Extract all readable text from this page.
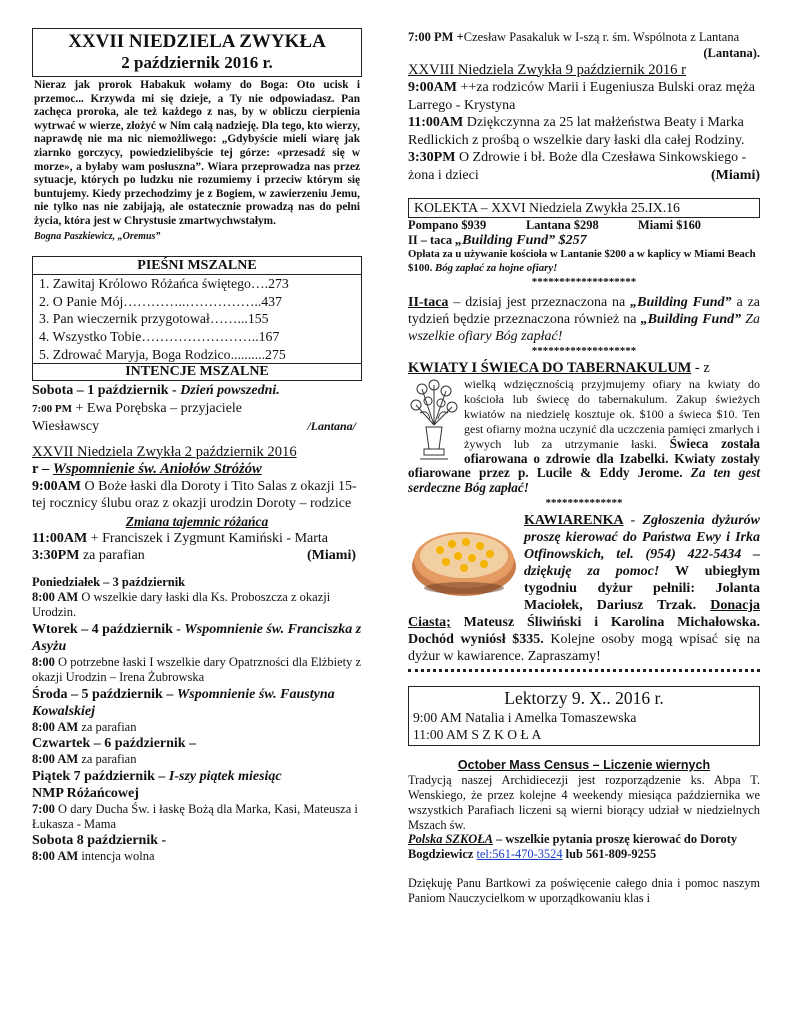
XXVII NIEDZIELA ZWYKŁA
2 październik 2016 r.
Nieraz jak prorok Habakuk wołamy do Boga: Oto ucisk i przemoc... Krzywda mi się dzieje, a Ty nie odpowiadasz. Pan zachęca proroka, ale też każdego z nas, by w obliczu cierpienia wytrwać w wierze, złożyć w Nim całą nadzieję. Dla tego, kto wierzy, naprawdę nie ma nic niemożliwego: „Gdybyście mieli wiarę jak ziarnko gorczycy, powiedzielibyście tej górze: «przesadź się w morze», a byłaby wam posłuszna”. Wiara przeprowadza nas przez sytuacje, których po ludzku nie rozumiemy i przeciw którym się buntujemy. Kiedy przechodzimy je z Bogiem, w zawierzeniu Jemu, nie tylko nas nie zabijają, ale ostatecznie prowadzą nas do pełni życia, która jest w Chrystusie zmartwychwstałym.
Bogna Paszkiewicz, „Oremus”
PIEŚNI MSZALNE
1. Zawitaj Królowo Różańca świętego….273
2. O Panie Mój…………..……………..437
3. Pan wieczernik przygotował……...155
4. Wszystko Tobie……………………..167
5. Zdrować Maryja, Boga Rodzico..........275
INTENCJE MSZALNE
Sobota – 1 październik - Dzień powszedni.
7:00 PM + Ewa Porębska – przyjaciele
Wiesławscy	/Lantana/
XXVII Niedziela Zwykła 2 październik 2016
r – Wspomnienie św. Aniołów Stróżów
9:00AM O Boże łaski dla Doroty i Tito Salas z okazji 15-tej rocznicy ślubu oraz z okazji urodzin Doroty – rodzice
Zmiana tajemnic różańca
11:00AM + Franciszek i Zygmunt Kamiński - Marta
3:30PM za parafian	(Miami)
Poniedziałek – 3 październik
8:00 AM O wszelkie dary łaski dla Ks. Proboszcza z okazji Urodzin.
Wtorek – 4 październik - Wspomnienie św. Franciszka z Asyżu
8:00 O potrzebne łaski I wszelkie dary Opatrzności dla Elżbiety z okazji Urodzin – Irena Żubrowska
Środa – 5 październik – Wspomnienie św. Faustyna Kowalskiej
8:00 AM za parafian
Czwartek – 6 październik –
8:00 AM za parafian
Piątek 7 październik – I-szy piątek miesiąc
NMP Różańcowej
7:00 O dary Ducha Św. i łaskę Bożą dla Marka, Kasi, Mateusza i Łukasza - Mama
Sobota 8 październik -
8:00 AM intencja wolna
7:00 PM +Czesław Pasakaluk w I-szą r. śm. Wspólnota z Lantana
(Lantana).
XXVIII Niedziela Zwykła 9 październik 2016 r
9:00AM ++za rodziców Marii i Eugeniusza Bulski oraz męża Larrego - Krystyna
11:00AM Dziękczynna za 25 lat małżeństwa Beaty i Marka Redlickich z prośbą o wszelkie dary łaski dla całej Rodziny.
3:30PM O Zdrowie i bł. Boże dla Czesława Sinkowskiego - żona i dzieci	(Miami)
KOLEKTA – XXVI Niedziela Zwykła 25.IX.16
Pompano $939	Lantana $298	Miami $160
II – taca „Building Fund” $257
Opłata za u używanie kościoła w Lantanie $200 a w kaplicy w Miami Beach $100. Bóg zapłać za hojne ofiary!
*******************
II-taca – dzisiaj jest przeznaczona na „Building Fund” a za tydzień będzie przeznaczona również na „Building Fund” Za wszelkie ofiary Bóg zapłać!
*******************
KWIATY I ŚWIECA DO TABERNAKULUM - z
wielką wdzięcznością przyjmujemy ofiary na kwiaty do kościoła lub świecę do tabernakulum. Zakup świeżych kwiatów na niedzielę kosztuje ok. $100 a świeca $10. Ten gest ofiarny można uczynić dla uczczenia pamięci zmarłych i żywych lub za utrzymanie łaski. Świeca została ofiarowana o zdrowie dla Izabelki. Kwiaty zostały ofiarowane przez p. Lucile & Eddy Jerome. Za ten gest serdeczne Bóg zapłać!
**************
KAWIARENKA - Zgłoszenia dyżurów proszę kierować do Państwa Ewy i Irka Otfinowskich, tel. (954) 422-5434 – dziękuję za pomoc! W ubiegłym tygodniu dyżur pełnili: Jolanta Maciołek, Dariusz Trzak. Donacja Ciasta; Mateusz Śliwiński i Karolina Michałowska. Dochód wyniósł $335. Kolejne osoby mogą wpisać się na dyżur w kawiarence. Zapraszamy!
Lektorzy 9. X.. 2016 r.
9:00 AM Natalia i Amelka Tomaszewska
11:00 AM S Z K O Ł A
October Mass Census – Liczenie wiernych
Tradycją naszej Archidiecezji jest rozporządzenie ks. Abpa T. Wenskiego, że przez kolejne 4 weekendy miesiąca października we wszystkich Parafiach liczeni są wierni biorący udział w niedzielnych Mszach św.
Polska SZKOŁA – wszelkie pytania proszę kierować do Doroty Bogdziewicz tel:561-470-3524 lub 561-809-9255
Dziękuję Panu Bartkowi za poświęcenie całego dnia i pomoc naszym Paniom Nauczycielkom w uporządkowaniu klas i
